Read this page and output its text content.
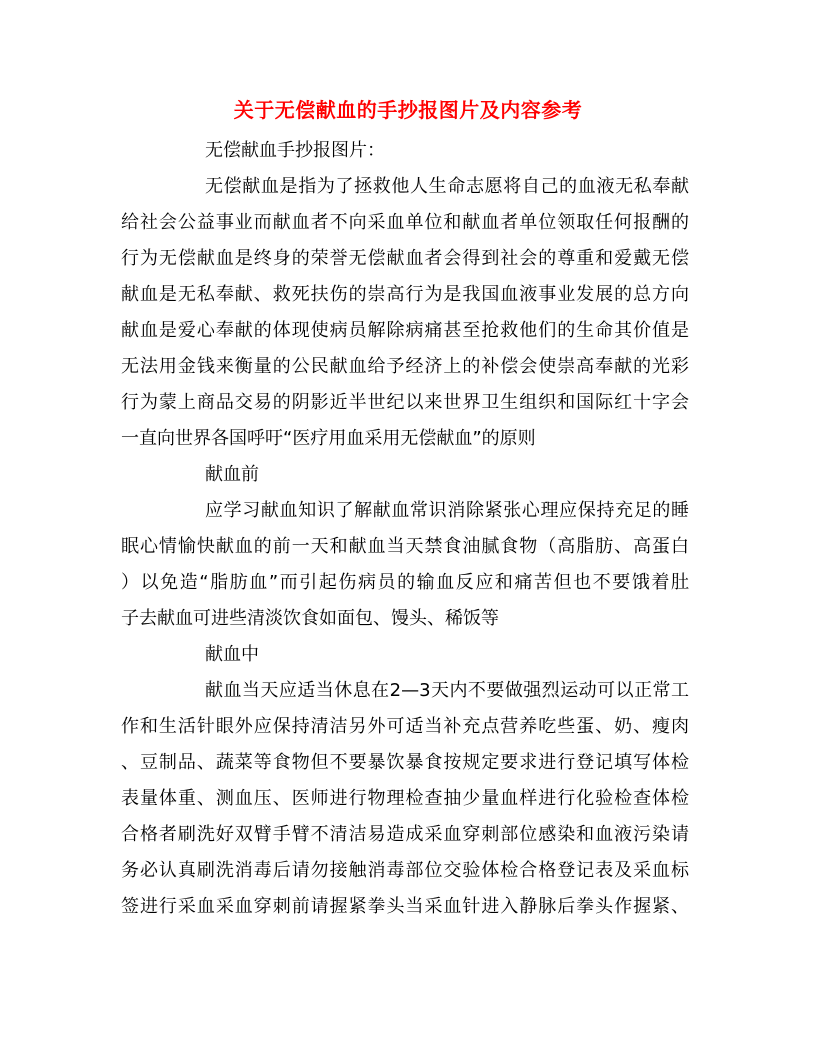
关于无偿献血的手抄报图片及内容参考
无偿献血手抄报图片：
无偿献血是指为了拯救他人生命志愿将自己的血液无私奉献
给社会公益事业而献血者不向采血单位和献血者单位领取任何报酬的
行为无偿献血是终身的荣誉无偿献血者会得到社会的尊重和爱戴无偿
献血是无私奉献、救死扶伤的崇高行为是我国血液事业发展的总方向
献血是爱心奉献的体现使病员解除病痛甚至抢救他们的生命其价值是
无法用金钱来衡量的公民献血给予经济上的补偿会使崇高奉献的光彩
行为蒙上商品交易的阴影近半世纪以来世界卫生组织和国际红十字会
一直向世界各国呼吁“医疗用血采用无偿献血”的原则
献血前
应学习献血知识了解献血常识消除紧张心理应保持充足的睡
眠心情愉快献血的前一天和献血当天禁食油腻食物（高脂肪、高蛋白
）以免造“脂肪血”而引起伤病员的输血反应和痛苦但也不要饿着肚
子去献血可进些清淡饮食如面包、馒头、稀饭等
献血中
献血当天应适当休息在2—3天内不要做强烈运动可以正常工
作和生活针眼外应保持清洁另外可适当补充点营养吃些蛋、奶、瘦肉
、豆制品、蔬菜等食物但不要暴饮暴食按规定要求进行登记填写体检
表量体重、测血压、医师进行物理检查抽少量血样进行化验检查体检
合格者刷洗好双臂手臂不清洁易造成采血穿刺部位感染和血液污染请
务必认真刷洗消毒后请勿接触消毒部位交验体检合格登记表及采血标
签进行采血采血穿刺前请握紧拳头当采血针进入静脉后拳头作握紧、
